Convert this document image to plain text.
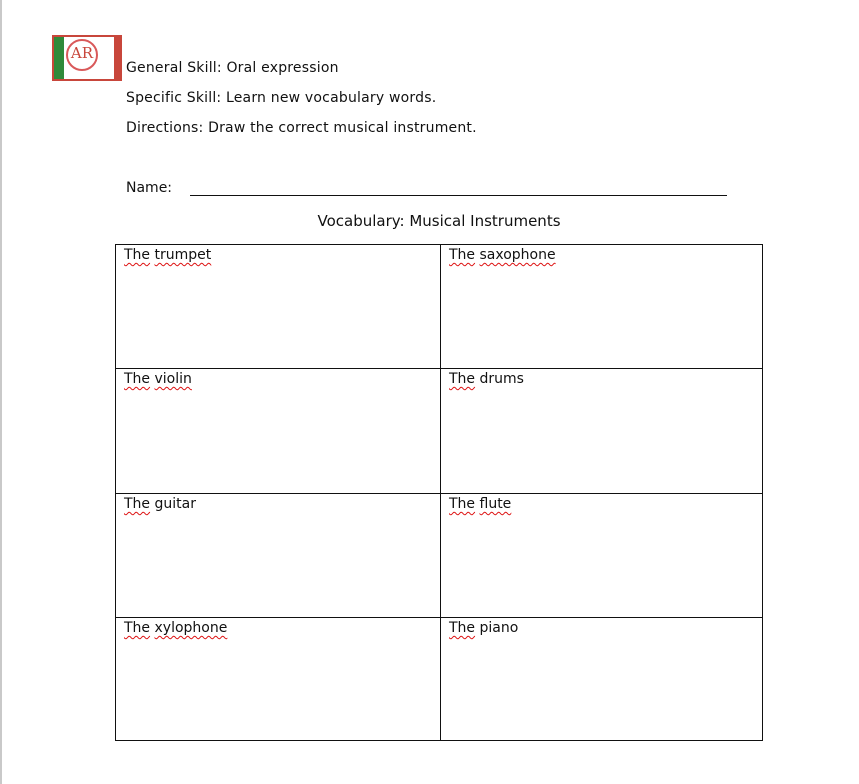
AR
General Skill: Oral expression
Specific Skill: Learn new vocabulary words.
Directions: Draw the correct musical instrument.
Name:
Vocabulary: Musical Instruments
The trumpet	The saxophone
The violin	The drums
The guitar	The flute
The xylophone	The piano
